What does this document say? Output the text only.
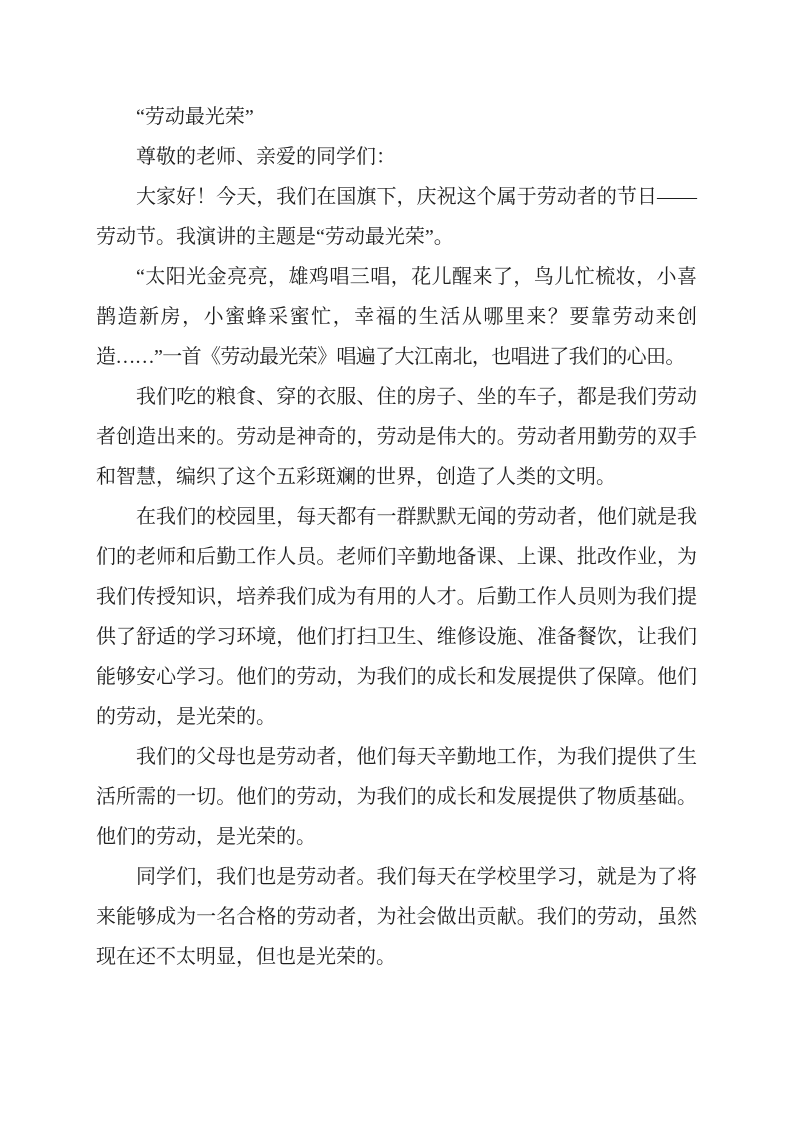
“劳动最光荣”
尊敬的老师、亲爱的同学们：
大家好！今天，我们在国旗下，庆祝这个属于劳动者的节日——
劳动节。我演讲的主题是“劳动最光荣”。
“太阳光金亮亮，雄鸡唱三唱，花儿醒来了，鸟儿忙梳妆，小喜
鹊造新房，小蜜蜂采蜜忙，幸福的生活从哪里来？要靠劳动来创
造……”一首《劳动最光荣》唱遍了大江南北，也唱进了我们的心田。
我们吃的粮食、穿的衣服、住的房子、坐的车子，都是我们劳动
者创造出来的。劳动是神奇的，劳动是伟大的。劳动者用勤劳的双手
和智慧，编织了这个五彩斑斓的世界，创造了人类的文明。
在我们的校园里，每天都有一群默默无闻的劳动者，他们就是我
们的老师和后勤工作人员。老师们辛勤地备课、上课、批改作业，为
我们传授知识，培养我们成为有用的人才。后勤工作人员则为我们提
供了舒适的学习环境，他们打扫卫生、维修设施、准备餐饮，让我们
能够安心学习。他们的劳动，为我们的成长和发展提供了保障。他们
的劳动，是光荣的。
我们的父母也是劳动者，他们每天辛勤地工作，为我们提供了生
活所需的一切。他们的劳动，为我们的成长和发展提供了物质基础。
他们的劳动，是光荣的。
同学们，我们也是劳动者。我们每天在学校里学习，就是为了将
来能够成为一名合格的劳动者，为社会做出贡献。我们的劳动，虽然
现在还不太明显，但也是光荣的。
